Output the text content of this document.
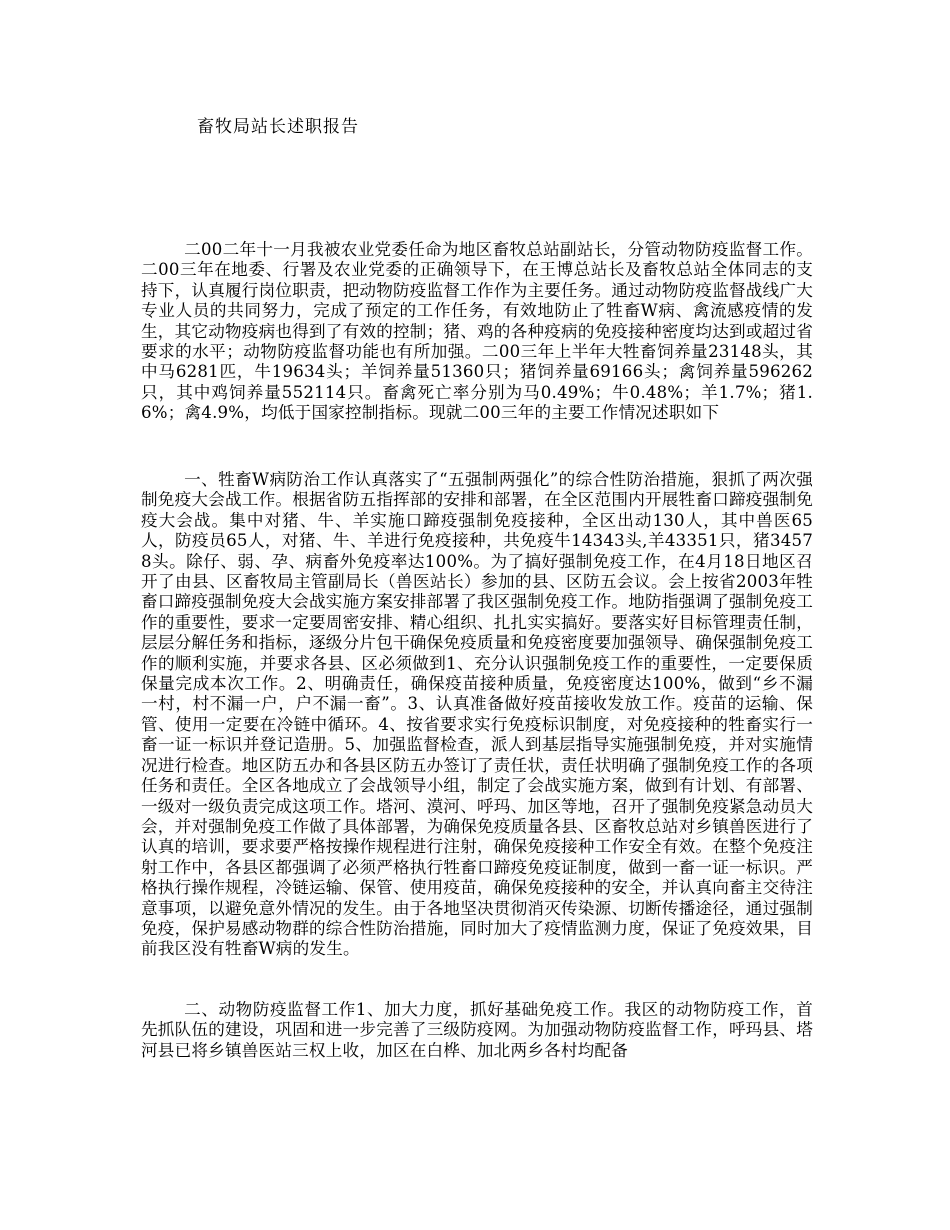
畜牧局站长述职报告

二00二年十一月我被农业党委任命为地区畜牧总站副站长，分管动物防疫监督工作。二00三年在地委、行署及农业党委的正确领导下，在王博总站长及畜牧总站全体同志的支持下，认真履行岗位职责，把动物防疫监督工作作为主要任务。通过动物防疫监督战线广大专业人员的共同努力，完成了预定的工作任务，有效地防止了牲畜W病、禽流感疫情的发生，其它动物疫病也得到了有效的控制；猪、鸡的各种疫病的免疫接种密度均达到或超过省要求的水平；动物防疫监督功能也有所加强。二00三年上半年大牲畜饲养量23148头，其中马6281匹，牛19634头；羊饲养量51360只；猪饲养量69166头；禽饲养量596262只，其中鸡饲养量552114只。畜禽死亡率分别为马0.49%；牛0.48%；羊1.7%；猪1.6%；禽4.9%，均低于国家控制指标。现就二00三年的主要工作情况述职如下

一、牲畜W病防治工作认真落实了“五强制两强化”的综合性防治措施，狠抓了两次强制免疫大会战工作。根据省防五指挥部的安排和部署，在全区范围内开展牲畜口蹄疫强制免疫大会战。集中对猪、牛、羊实施口蹄疫强制免疫接种，全区出动130人，其中兽医65人，防疫员65人，对猪、牛、羊进行免疫接种，共免疫牛14343头,羊43351只，猪34578头。除仔、弱、孕、病畜外免疫率达100%。为了搞好强制免疫工作，在4月18日地区召开了由县、区畜牧局主管副局长（兽医站长）参加的县、区防五会议。会上按省2003年牲畜口蹄疫强制免疫大会战实施方案安排部署了我区强制免疫工作。地防指强调了强制免疫工作的重要性，要求一定要周密安排、精心组织、扎扎实实搞好。要落实好目标管理责任制，层层分解任务和指标，逐级分片包干确保免疫质量和免疫密度要加强领导、确保强制免疫工作的顺利实施，并要求各县、区必须做到1、充分认识强制免疫工作的重要性，一定要保质保量完成本次工作。2、明确责任，确保疫苗接种质量，免疫密度达100%，做到“乡不漏一村，村不漏一户，户不漏一畜”。3、认真准备做好疫苗接收发放工作。疫苗的运输、保管、使用一定要在冷链中循环。4、按省要求实行免疫标识制度，对免疫接种的牲畜实行一畜一证一标识并登记造册。5、加强监督检查，派人到基层指导实施强制免疫，并对实施情况进行检查。地区防五办和各县区防五办签订了责任状，责任状明确了强制免疫工作的各项任务和责任。全区各地成立了会战领导小组，制定了会战实施方案，做到有计划、有部署、一级对一级负责完成这项工作。塔河、漠河、呼玛、加区等地，召开了强制免疫紧急动员大会，并对强制免疫工作做了具体部署，为确保免疫质量各县、区畜牧总站对乡镇兽医进行了认真的培训，要求要严格按操作规程进行注射，确保免疫接种工作安全有效。在整个免疫注射工作中，各县区都强调了必须严格执行牲畜口蹄疫免疫证制度，做到一畜一证一标识。严格执行操作规程，冷链运输、保管、使用疫苗，确保免疫接种的安全，并认真向畜主交待注意事项，以避免意外情况的发生。由于各地坚决贯彻消灭传染源、切断传播途径，通过强制免疫，保护易感动物群的综合性防治措施，同时加大了疫情监测力度，保证了免疫效果，目前我区没有牲畜W病的发生。

二、动物防疫监督工作1、加大力度，抓好基础免疫工作。我区的动物防疫工作，首先抓队伍的建设，巩固和进一步完善了三级防疫网。为加强动物防疫监督工作，呼玛县、塔河县已将乡镇兽医站三权上收，加区在白桦、加北两乡各村均配备
